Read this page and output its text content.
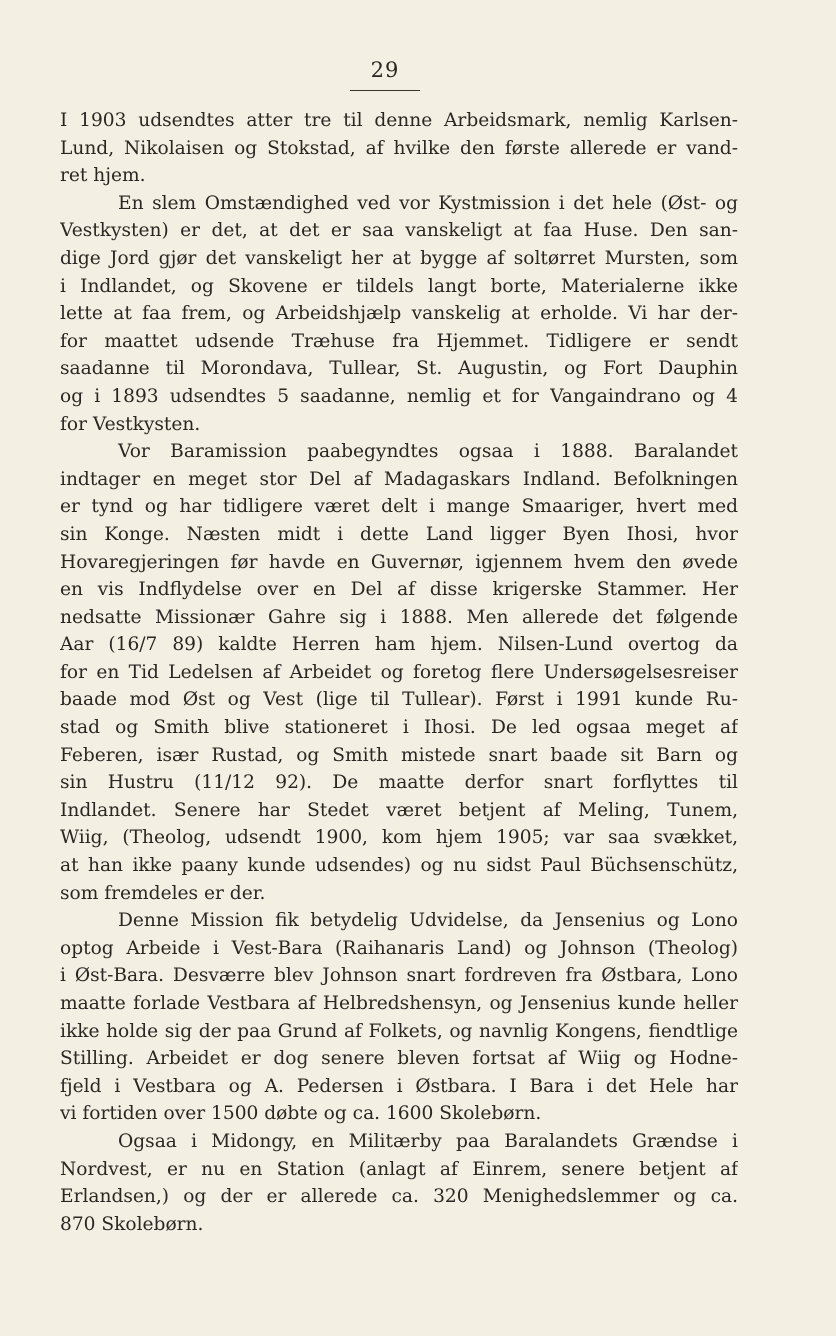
29
I 1903 udsendtes atter tre til denne Arbeidsmark, nemlig Karlsen-
Lund, Nikolaisen og Stokstad, af hvilke den første allerede er vand-
ret hjem.
En slem Omstændighed ved vor Kystmission i det hele (Øst- og
Vestkysten) er det, at det er saa vanskeligt at faa Huse. Den san-
dige Jord gjør det vanskeligt her at bygge af soltørret Mursten, som
i Indlandet, og Skovene er tildels langt borte, Materialerne ikke
lette at faa frem, og Arbeidshjælp vanskelig at erholde. Vi har der-
for maattet udsende Træhuse fra Hjemmet. Tidligere er sendt
saadanne til Morondava, Tullear, St. Augustin, og Fort Dauphin
og i 1893 udsendtes 5 saadanne, nemlig et for Vangaindrano og 4
for Vestkysten.
Vor Baramission paabegyndtes ogsaa i 1888. Baralandet
indtager en meget stor Del af Madagaskars Indland. Befolkningen
er tynd og har tidligere været delt i mange Smaariger, hvert med
sin Konge. Næsten midt i dette Land ligger Byen Ihosi, hvor
Hovaregjeringen før havde en Guvernør, igjennem hvem den øvede
en vis Indflydelse over en Del af disse krigerske Stammer. Her
nedsatte Missionær Gahre sig i 1888. Men allerede det følgende
Aar (16/7 89) kaldte Herren ham hjem. Nilsen-Lund overtog da
for en Tid Ledelsen af Arbeidet og foretog flere Undersøgelsesreiser
baade mod Øst og Vest (lige til Tullear). Først i 1991 kunde Ru-
stad og Smith blive stationeret i Ihosi. De led ogsaa meget af
Feberen, især Rustad, og Smith mistede snart baade sit Barn og
sin Hustru (11/12 92). De maatte derfor snart forflyttes til
Indlandet. Senere har Stedet været betjent af Meling, Tunem,
Wiig, (Theolog, udsendt 1900, kom hjem 1905; var saa svækket,
at han ikke paany kunde udsendes) og nu sidst Paul Büchsenschütz,
som fremdeles er der.
Denne Mission fik betydelig Udvidelse, da Jensenius og Lono
optog Arbeide i Vest-Bara (Raihanaris Land) og Johnson (Theolog)
i Øst-Bara. Desværre blev Johnson snart fordreven fra Østbara, Lono
maatte forlade Vestbara af Helbredshensyn, og Jensenius kunde heller
ikke holde sig der paa Grund af Folkets, og navnlig Kongens, fiendtlige
Stilling. Arbeidet er dog senere bleven fortsat af Wiig og Hodne-
fjeld i Vestbara og A. Pedersen i Østbara. I Bara i det Hele har
vi fortiden over 1500 døbte og ca. 1600 Skolebørn.
Ogsaa i Midongy, en Militærby paa Baralandets Grændse i
Nordvest, er nu en Station (anlagt af Einrem, senere betjent af
Erlandsen,) og der er allerede ca. 320 Menighedslemmer og ca.
870 Skolebørn.
